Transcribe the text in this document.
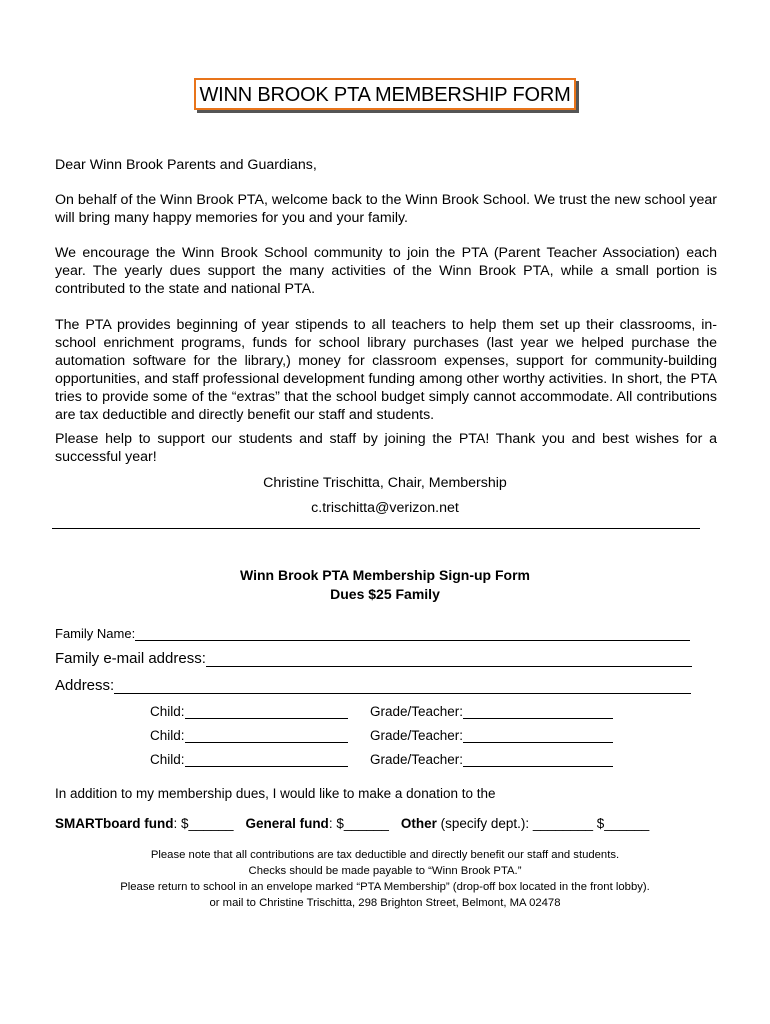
WINN BROOK PTA MEMBERSHIP FORM
Dear Winn Brook Parents and Guardians,
On behalf of the Winn Brook PTA, welcome back to the Winn Brook School. We trust the new school year will bring many happy memories for you and your family.
We encourage the Winn Brook School community to join the PTA (Parent Teacher Association) each year. The yearly dues support the many activities of the Winn Brook PTA, while a small portion is contributed to the state and national PTA.
The PTA provides beginning of year stipends to all teachers to help them set up their classrooms, in-school enrichment programs, funds for school library purchases (last year we helped purchase the automation software for the library,) money for classroom expenses, support for community-building opportunities, and staff professional development funding among other worthy activities. In short, the PTA tries to provide some of the “extras” that the school budget simply cannot accommodate. All contributions are tax deductible and directly benefit our staff and students.
Please help to support our students and staff by joining the PTA! Thank you and best wishes for a successful year!
Christine Trischitta, Chair, Membership
c.trischitta@verizon.net
Winn Brook PTA Membership Sign-up Form
Dues $25 Family
Family Name:
Family e-mail address:
Address:
Child:	Grade/Teacher:
Child:	Grade/Teacher:
Child:	Grade/Teacher:
In addition to my membership dues, I would like to make a donation to the
SMARTboard fund: $______ General fund: $______ Other (specify dept.): ________ $______
Please note that all contributions are tax deductible and directly benefit our staff and students.
Checks should be made payable to “Winn Brook PTA.”
Please return to school in an envelope marked “PTA Membership” (drop-off box located in the front lobby).
or mail to Christine Trischitta, 298 Brighton Street, Belmont, MA 02478
